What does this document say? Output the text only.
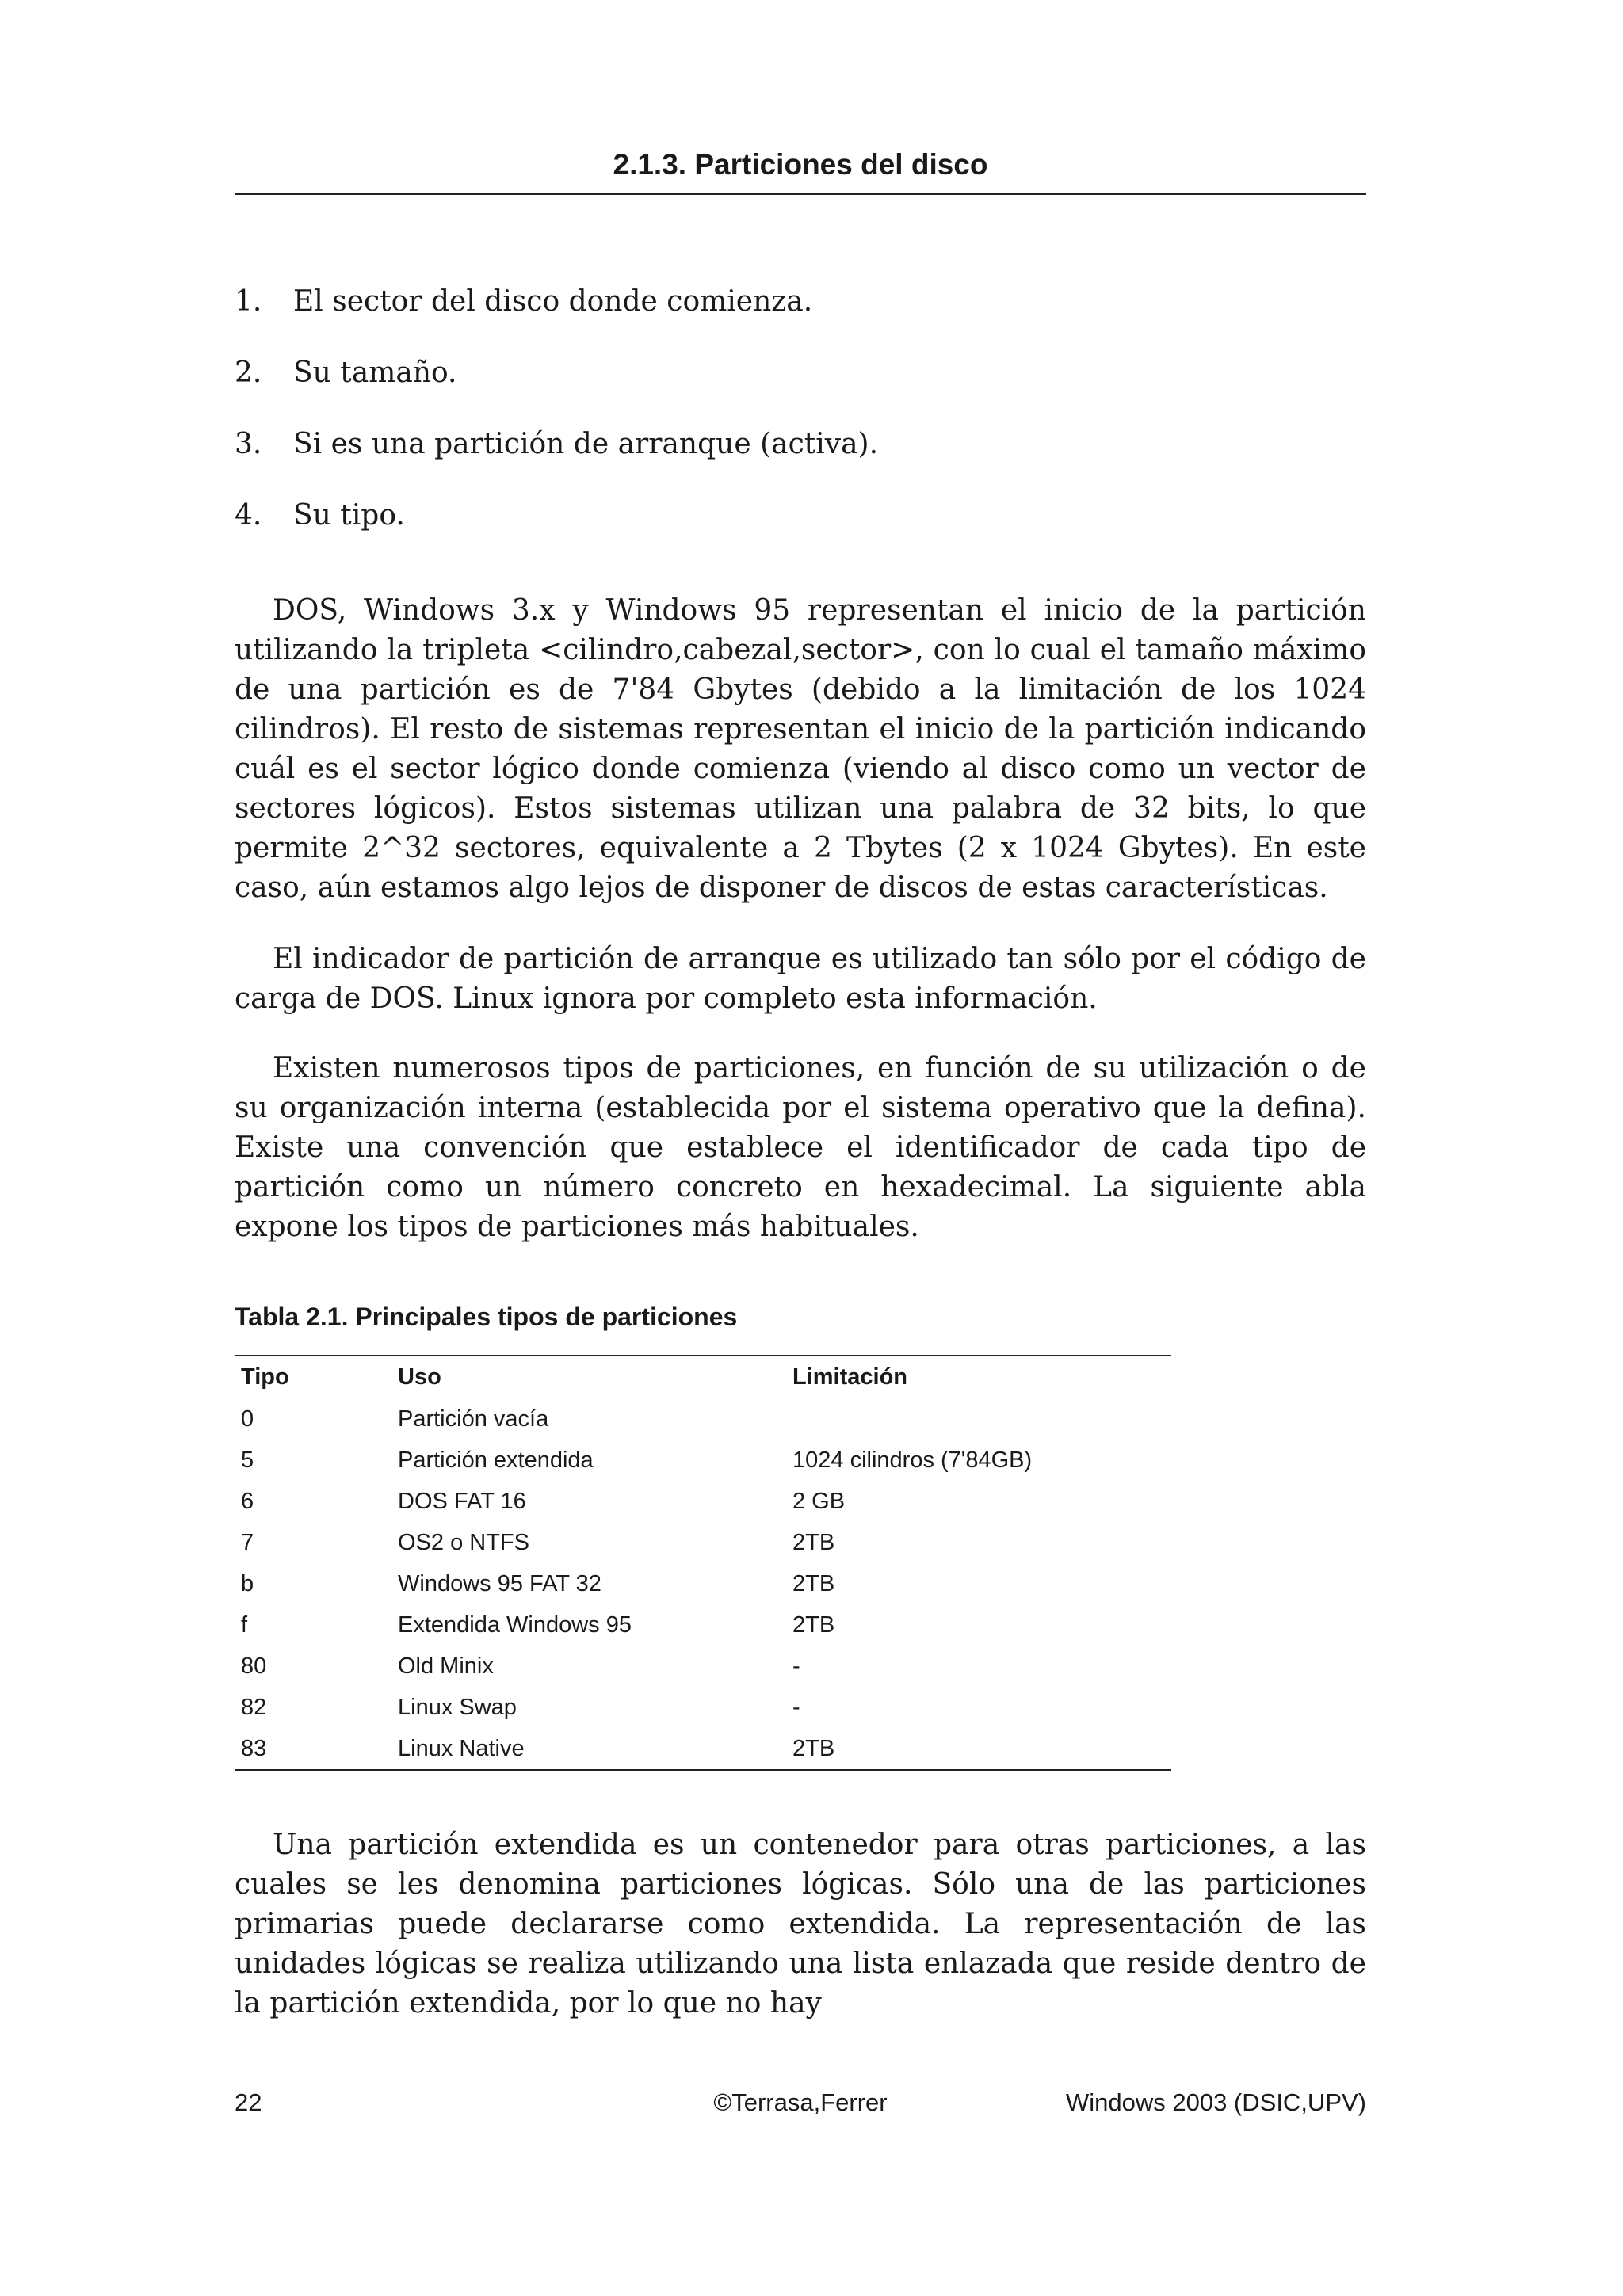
2.1.3. Particiones del disco
1. El sector del disco donde comienza.
2. Su tamaño.
3. Si es una partición de arranque (activa).
4. Su tipo.

DOS, Windows 3.x y Windows 95 representan el inicio de la partición utilizando la tripleta <cilindro,cabezal,sector>, con lo cual el tamaño máximo de una partición es de 7'84 Gbytes (debido a la limitación de los 1024 cilindros). El resto de sistemas representan el inicio de la partición indicando cuál es el sector lógico donde comienza (viendo al disco como un vector de sectores lógicos). Estos sistemas utilizan una palabra de 32 bits, lo que permite 2^32 sectores, equivalente a 2 Tbytes (2 x 1024 Gbytes). En este caso, aún estamos algo lejos de disponer de discos de estas características.

El indicador de partición de arranque es utilizado tan sólo por el código de carga de DOS. Linux ignora por completo esta información.

Existen numerosos tipos de particiones, en función de su utilización o de su organización interna (establecida por el sistema operativo que la defina). Existe una convención que establece el identificador de cada tipo de partición como un número concreto en hexadecimal. La siguiente abla expone los tipos de particiones más habituales.

Tabla 2.1. Principales tipos de particiones
Tipo	Uso	Limitación
0	Partición vacía	
5	Partición extendida	1024 cilindros (7'84GB)
6	DOS FAT 16	2 GB
7	OS2 o NTFS	2TB
b	Windows 95 FAT 32	2TB
f	Extendida Windows 95	2TB
80	Old Minix	-
82	Linux Swap	-
83	Linux Native	2TB

Una partición extendida es un contenedor para otras particiones, a las cuales se les denomina particiones lógicas. Sólo una de las particiones primarias puede declararse como extendida. La representación de las unidades lógicas se realiza utilizando una lista enlazada que reside dentro de la partición extendida, por lo que no hay

22	©Terrasa,Ferrer	Windows 2003 (DSIC,UPV)
